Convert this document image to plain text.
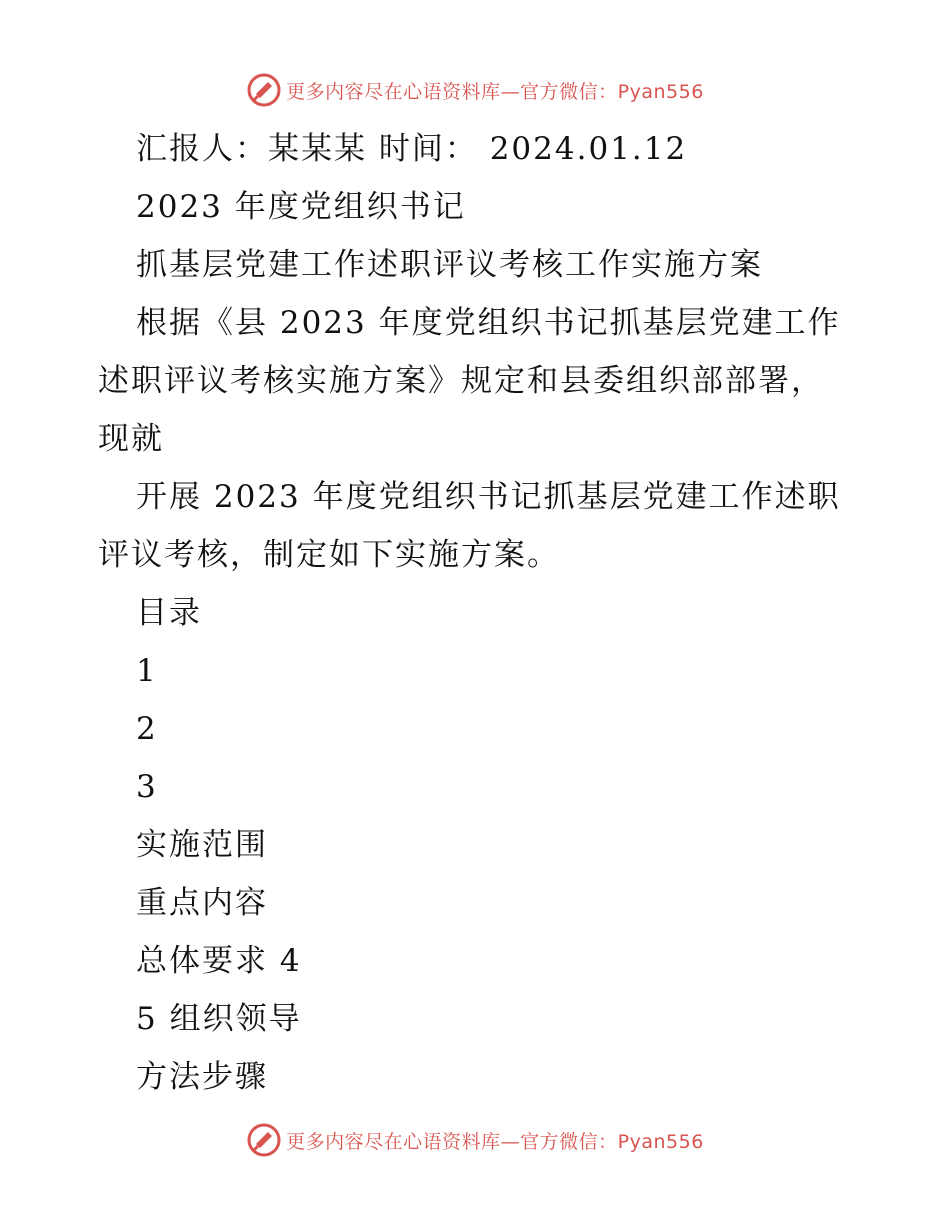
更多内容尽在心语资料库—官方微信：Pyan556
汇报人：某某某 时间： 2024.01.12
2023 年度党组织书记
抓基层党建工作述职评议考核工作实施方案
根据《县 2023 年度党组织书记抓基层党建工作
述职评议考核实施方案》规定和县委组织部部署，
现就
开展 2023 年度党组织书记抓基层党建工作述职
评议考核，制定如下实施方案。
目录
1
2
3
实施范围
重点内容
总体要求 4
5 组织领导
方法步骤
更多内容尽在心语资料库—官方微信：Pyan556
